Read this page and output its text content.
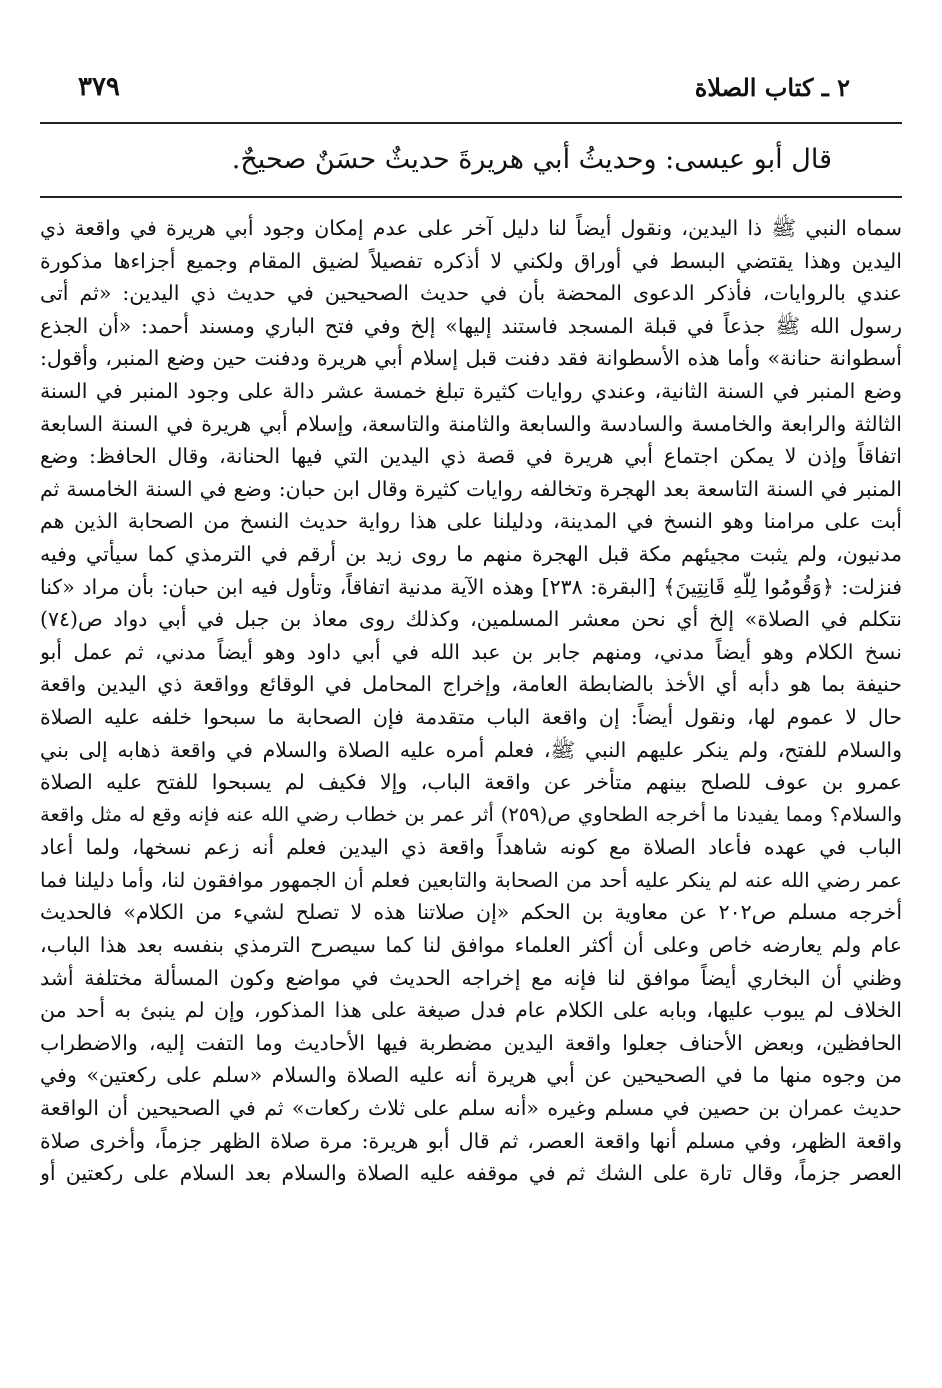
٢ ـ كتاب الصلاة
٣٧٩
قال أبو عيسى: وحديثُ أبي هريرةَ حديثٌ حسَنٌ صحيحٌ.
سماه النبي ﷺ ذا اليدين، ونقول أيضاً لنا دليل آخر على عدم إمكان وجود أبي هريرة في واقعة ذي
اليدين وهذا يقتضي البسط في أوراق ولكني لا أذكره تفصيلاً لضيق المقام وجميع أجزاءها مذكورة
عندي بالروايات، فأذكر الدعوى المحضة بأن في حديث الصحيحين في حديث ذي اليدين: «ثم أتى
رسول الله ﷺ جذعاً في قبلة المسجد فاستند إليها» إلخ وفي فتح الباري ومسند أحمد: «أن الجذع
أسطوانة حنانة» وأما هذه الأسطوانة فقد دفنت قبل إسلام أبي هريرة ودفنت حين وضع المنبر، وأقول:
وضع المنبر في السنة الثانية، وعندي روايات كثيرة تبلغ خمسة عشر دالة على وجود المنبر في السنة
الثالثة والرابعة والخامسة والسادسة والسابعة والثامنة والتاسعة، وإسلام أبي هريرة في السنة السابعة
اتفاقاً وإذن لا يمكن اجتماع أبي هريرة في قصة ذي اليدين التي فيها الحنانة، وقال الحافظ: وضع
المنبر في السنة التاسعة بعد الهجرة وتخالفه روايات كثيرة وقال ابن حبان: وضع في السنة الخامسة ثم
أبت على مرامنا وهو النسخ في المدينة، ودليلنا على هذا رواية حديث النسخ من الصحابة الذين هم
مدنيون، ولم يثبت مجيئهم مكة قبل الهجرة منهم ما روى زيد بن أرقم في الترمذي كما سيأتي وفيه
فنزلت: ﴿وَقُومُوا لِلَّهِ قَانِتِينَ﴾ [البقرة: ٢٣٨] وهذه الآية مدنية اتفاقاً، وتأول فيه ابن حبان: بأن مراد «كنا
نتكلم في الصلاة» إلخ أي نحن معشر المسلمين، وكذلك روى معاذ بن جبل في أبي دواد ص(٧٤)
نسخ الكلام وهو أيضاً مدني، ومنهم جابر بن عبد الله في أبي داود وهو أيضاً مدني، ثم عمل أبو
حنيفة بما هو دأبه أي الأخذ بالضابطة العامة، وإخراج المحامل في الوقائع وواقعة ذي اليدين واقعة
حال لا عموم لها، ونقول أيضاً: إن واقعة الباب متقدمة فإن الصحابة ما سبحوا خلفه عليه الصلاة
والسلام للفتح، ولم ينكر عليهم النبي ﷺ، فعلم أمره عليه الصلاة والسلام في واقعة ذهابه إلى بني
عمرو بن عوف للصلح بينهم متأخر عن واقعة الباب، وإلا فكيف لم يسبحوا للفتح عليه الصلاة
والسلام؟ ومما يفيدنا ما أخرجه الطحاوي ص(٢٥٩) أثر عمر بن خطاب رضي الله عنه فإنه وقع له مثل واقعة
الباب في عهده فأعاد الصلاة مع كونه شاهداً واقعة ذي اليدين فعلم أنه زعم نسخها، ولما أعاد
عمر رضي الله عنه لم ينكر عليه أحد من الصحابة والتابعين فعلم أن الجمهور موافقون لنا، وأما دليلنا فما
أخرجه مسلم ص٢٠٢ عن معاوية بن الحكم «إن صلاتنا هذه لا تصلح لشيء من الكلام» فالحديث
عام ولم يعارضه خاص وعلى أن أكثر العلماء موافق لنا كما سيصرح الترمذي بنفسه بعد هذا الباب،
وظني أن البخاري أيضاً موافق لنا فإنه مع إخراجه الحديث في مواضع وكون المسألة مختلفة أشد
الخلاف لم يبوب عليها، وبابه على الكلام عام فدل صيغة على هذا المذكور، وإن لم ينبئ به أحد من
الحافظين، وبعض الأحناف جعلوا واقعة اليدين مضطربة فيها الأحاديث وما التفت إليه، والاضطراب
من وجوه منها ما في الصحيحين عن أبي هريرة أنه عليه الصلاة والسلام «سلم على ركعتين» وفي
حديث عمران بن حصين في مسلم وغيره «أنه سلم على ثلاث ركعات» ثم في الصحيحين أن الواقعة
واقعة الظهر، وفي مسلم أنها واقعة العصر، ثم قال أبو هريرة: مرة صلاة الظهر جزماً، وأخرى صلاة
العصر جزماً، وقال تارة على الشك ثم في موقفه عليه الصلاة والسلام بعد السلام على ركعتين أو
